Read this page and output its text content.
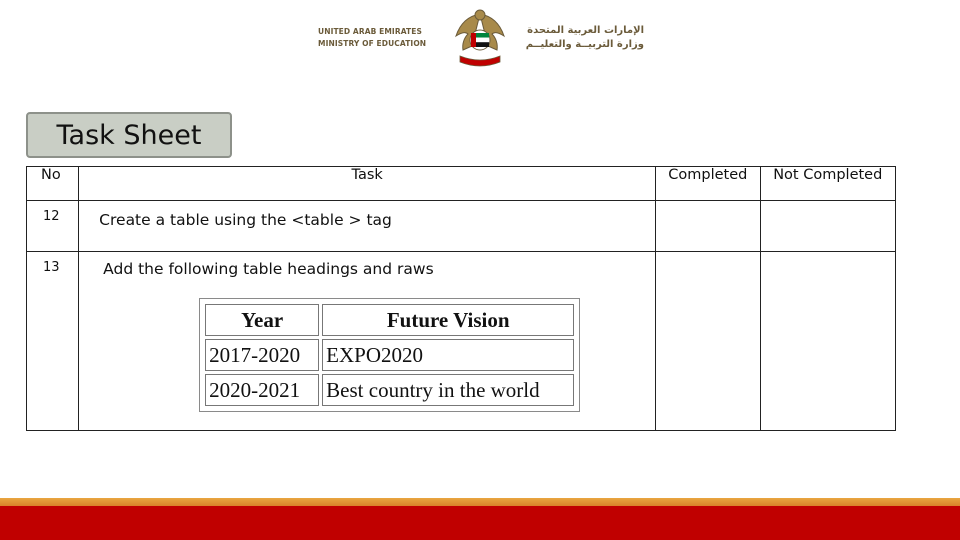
UNITED ARAB EMIRATES
MINISTRY OF EDUCATION
الإمارات العربية المتحدة
وزارة التربيــة والتعليــم
Task Sheet
No	Task	Completed	Not Completed
12	Create a table using the <table > tag		
13	Add the following table headings and raws
Year	Future Vision
2017-2020	EXPO2020
2020-2021	Best country in the world
